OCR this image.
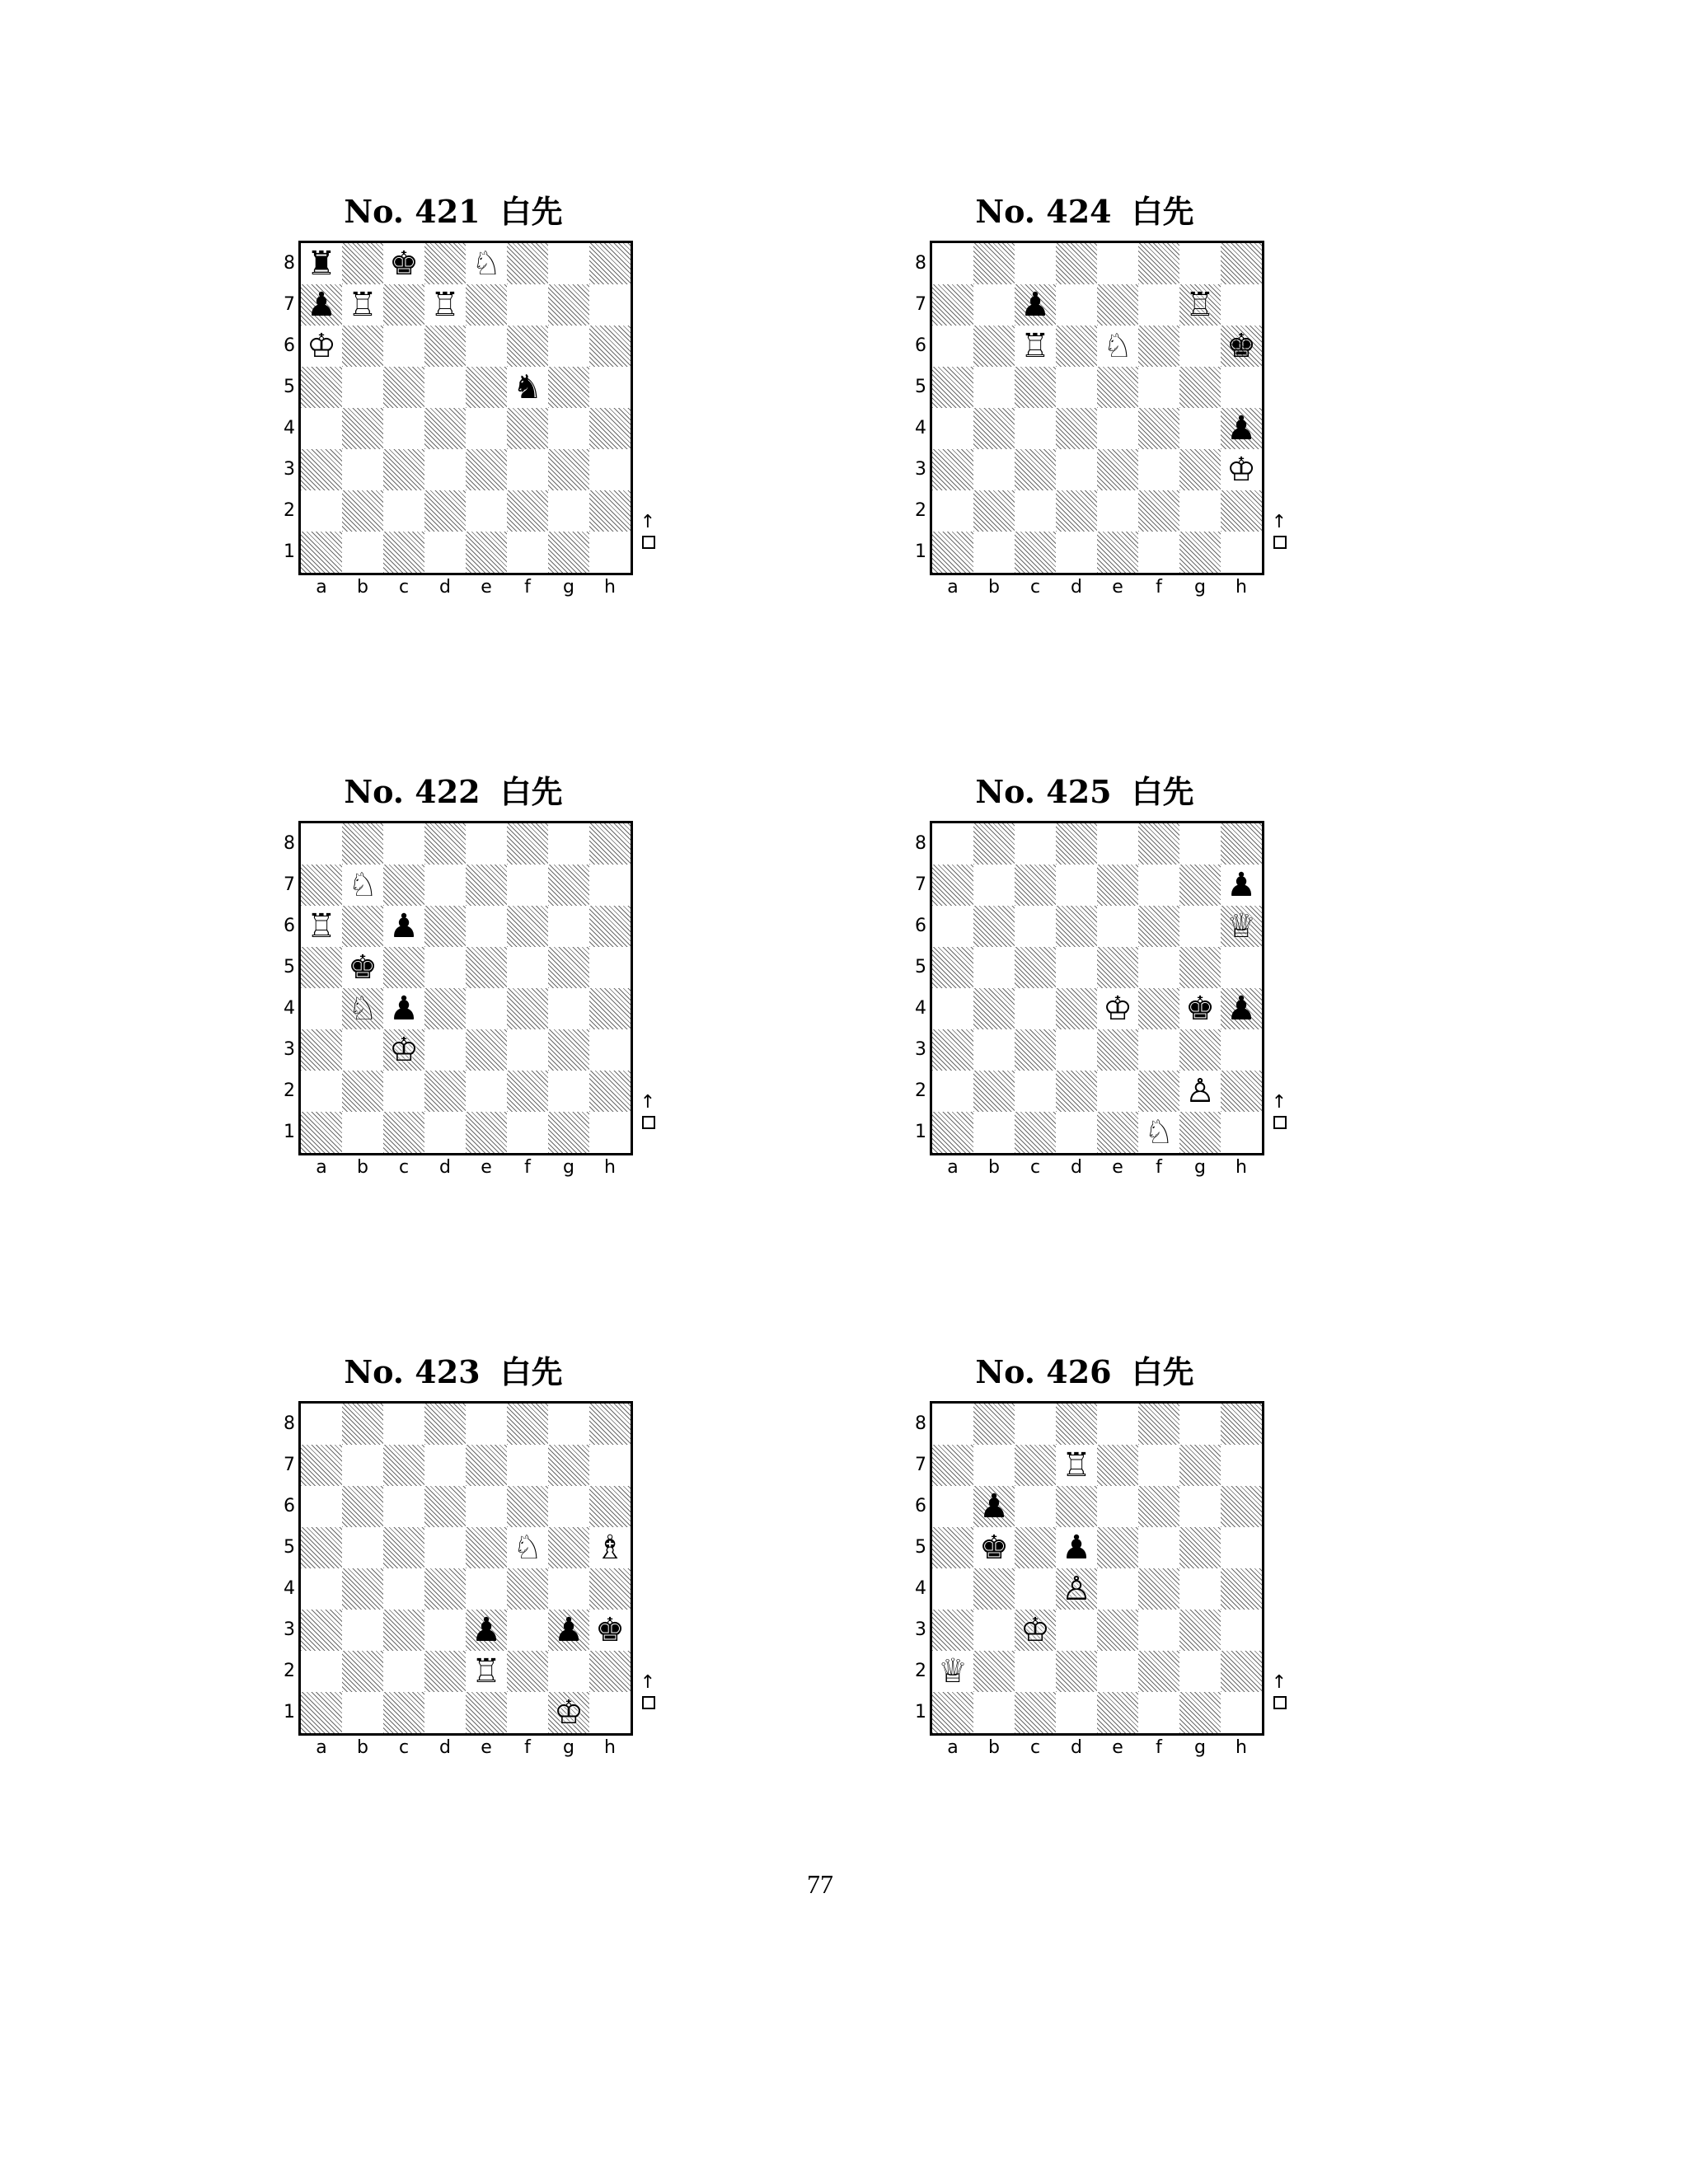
No. 421 白先
♜ ♚ ♘
♟ ♖ ♖
♔
♞
8
7
6
5
4
3
2
1
a	b	c	d	e	f	g	h
↑
No. 422 白先
♘
♖ ♟
♚
♘ ♟
♔
8
7
6
5
4
3
2
1
a	b	c	d	e	f	g	h
↑
No. 423 白先
♘ ♗
♟ ♟ ♚
♖
♔
8
7
6
5
4
3
2
1
a	b	c	d	e	f	g	h
↑
No. 424 白先
♟	♖
♖ ♘	♚
♟
♔
8
7
6
5
4
3
2
1
a	b	c	d	e	f	g	h
↑
No. 425 白先
♟
♕
♔ ♚ ♟
♙
♘
8
7
6
5
4
3
2
1
a	b	c	d	e	f	g	h
↑
No. 426 白先
♖
♟
♚ ♟
♙
♔
♕
8
7
6
5
4
3
2
1
a	b	c	d	e	f	g	h
↑
77
